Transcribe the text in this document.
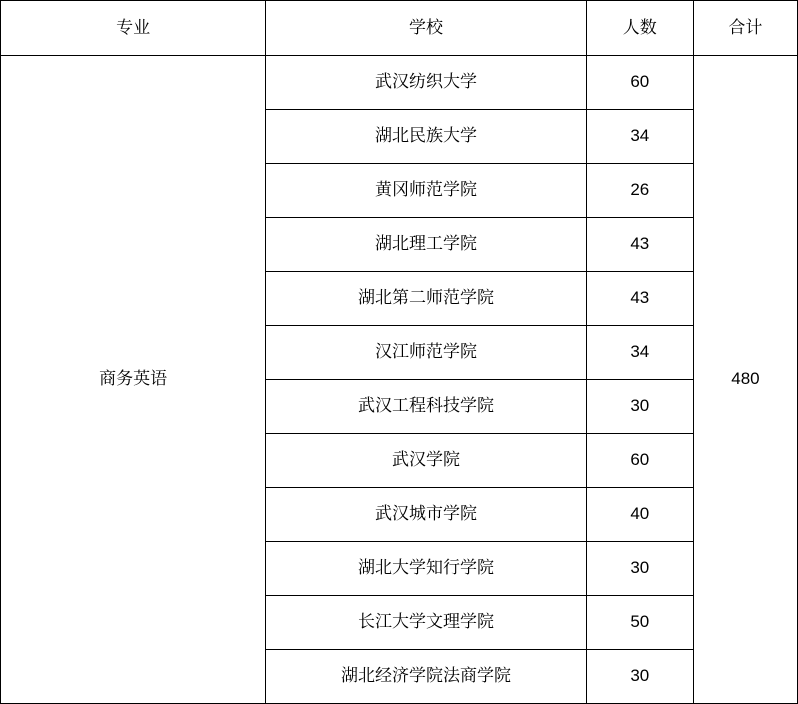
专业	学校	人数	合计
商务英语	武汉纺织大学	60	480
	湖北民族大学	34	
	黄冈师范学院	26	
	湖北理工学院	43	
	湖北第二师范学院	43	
	汉江师范学院	34	
	武汉工程科技学院	30	
	武汉学院	60	
	武汉城市学院	40	
	湖北大学知行学院	30	
	长江大学文理学院	50	
	湖北经济学院法商学院	30	
